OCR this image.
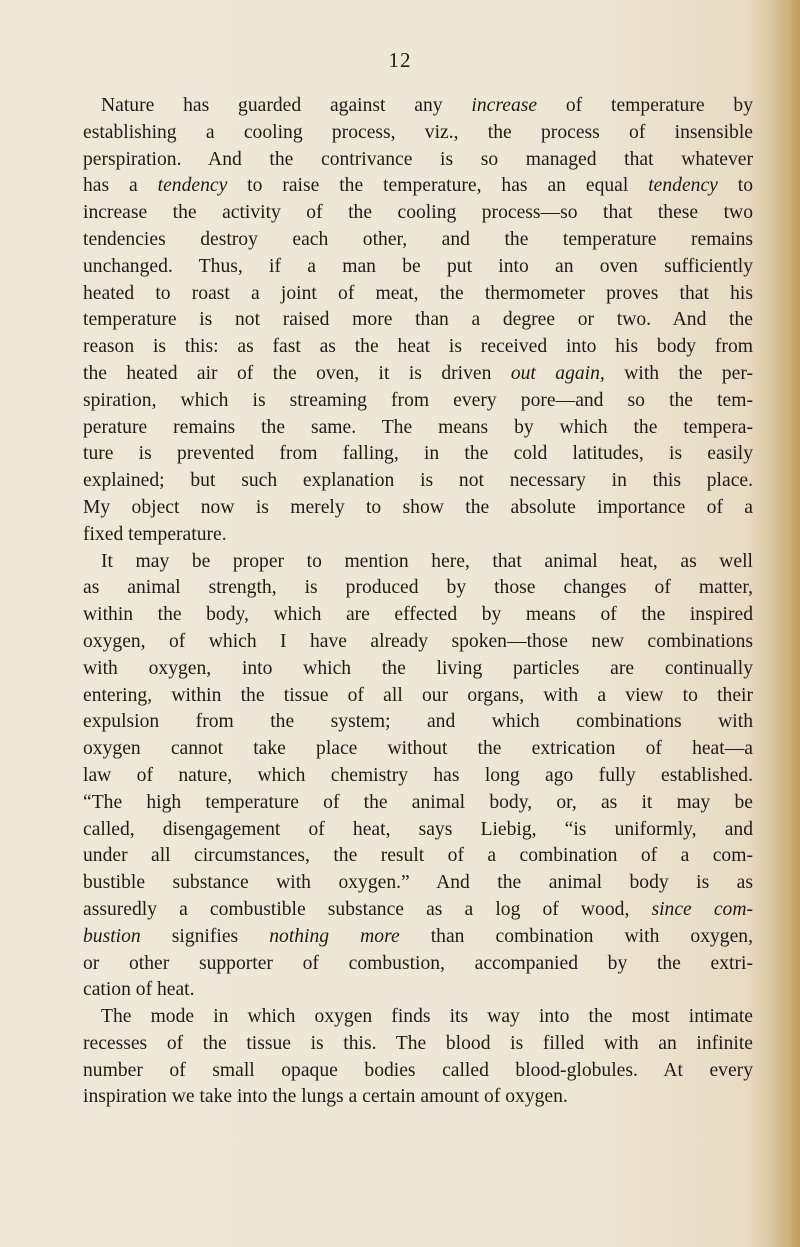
12
Nature has guarded against any increase of temperature by
establishing a cooling process, viz., the process of insensible
perspiration. And the contrivance is so managed that whatever
has a tendency to raise the temperature, has an equal tendency to
increase the activity of the cooling process—so that these two
tendencies destroy each other, and the temperature remains
unchanged. Thus, if a man be put into an oven sufficiently
heated to roast a joint of meat, the thermometer proves that his
temperature is not raised more than a degree or two. And the
reason is this: as fast as the heat is received into his body from
the heated air of the oven, it is driven out again, with the per-
spiration, which is streaming from every pore—and so the tem-
perature remains the same. The means by which the tempera-
ture is prevented from falling, in the cold latitudes, is easily
explained; but such explanation is not necessary in this place.
My object now is merely to show the absolute importance of a
fixed temperature.
It may be proper to mention here, that animal heat, as well
as animal strength, is produced by those changes of matter,
within the body, which are effected by means of the inspired
oxygen, of which I have already spoken—those new combinations
with oxygen, into which the living particles are continually
entering, within the tissue of all our organs, with a view to their
expulsion from the system; and which combinations with
oxygen cannot take place without the extrication of heat—a
law of nature, which chemistry has long ago fully established.
“The high temperature of the animal body, or, as it may be
called, disengagement of heat, says Liebig, “is uniformly, and
under all circumstances, the result of a combination of a com-
bustible substance with oxygen.” And the animal body is as
assuredly a combustible substance as a log of wood, since com-
bustion signifies nothing more than combination with oxygen,
or other supporter of combustion, accompanied by the extri-
cation of heat.
The mode in which oxygen finds its way into the most intimate
recesses of the tissue is this. The blood is filled with an infinite
number of small opaque bodies called blood-globules. At every
inspiration we take into the lungs a certain amount of oxygen.
